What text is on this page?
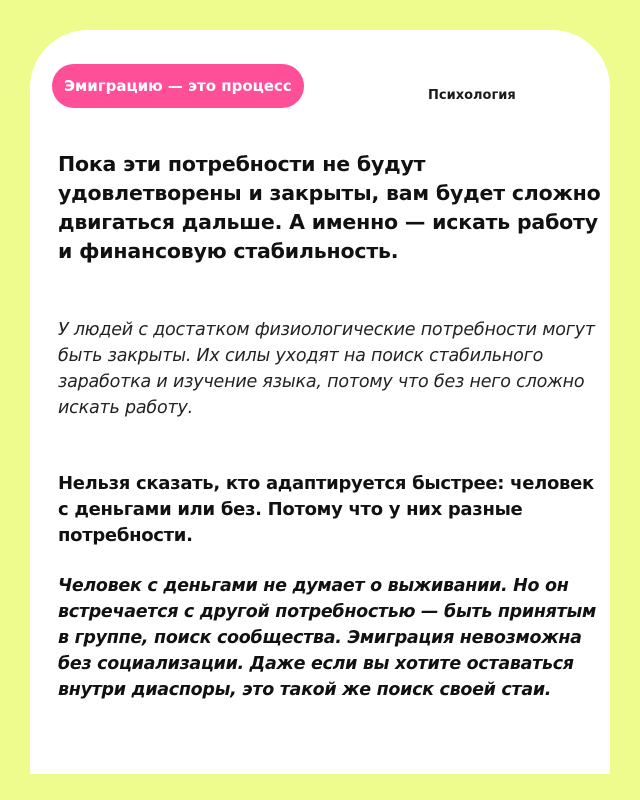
Эмиграцию — это процесс
Психология

Пока эти потребности не будут удовлетворены и закрыты, вам будет сложно двигаться дальше. А именно — искать работу и финансовую стабильность.

У людей с достатком физиологические потребности могут быть закрыты. Их силы уходят на поиск стабильного заработка и изучение языка, потому что без него сложно искать работу.

Нельзя сказать, кто адаптируется быстрее: человек с деньгами или без. Потому что у них разные потребности.

Человек с деньгами не думает о выживании. Но он встречается с другой потребностью — быть принятым в группе, поиск сообщества. Эмиграция невозможна без социализации. Даже если вы хотите оставаться внутри диаспоры, это такой же поиск своей стаи.
